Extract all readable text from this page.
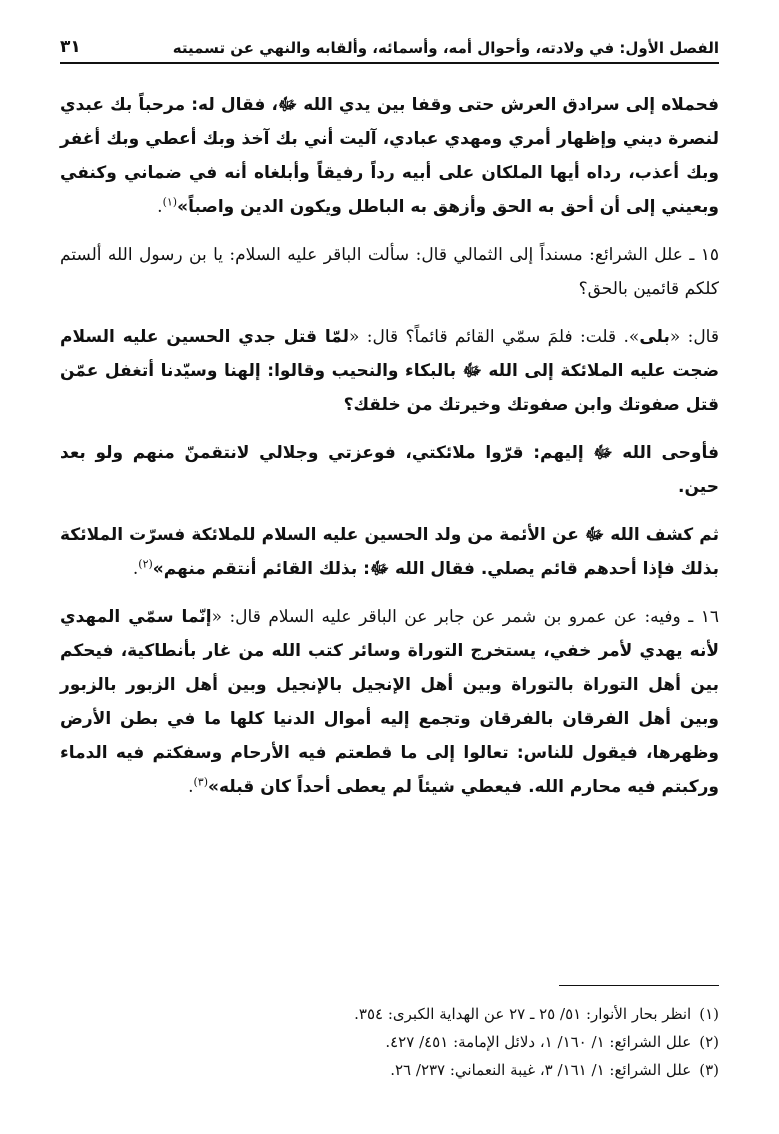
الفصل الأول: في ولادته، وأحوال أمه، وأسمائه، وألقابه والنهي عن تسميته
٣١

فحملاه إلى سرادق العرش حتى وقفا بين يدي الله ﷻ، فقال له: مرحباً بك عبدي لنصرة ديني وإظهار أمري ومهدي عبادي، آليت أني بك آخذ وبك أعطي وبك أغفر وبك أعذب، رداه أيها الملكان على أبيه رداً رفيقاً وأبلغاه أنه في ضماني وكنفي وبعيني إلى أن أحق به الحق وأزهق به الباطل ويكون الدين واصباً»$^{(١)}$.

١٥ ـ علل الشرائع: مسنداً إلى الثمالي قال: سألت الباقر عليه السلام: يا بن رسول الله ألستم كلكم قائمين بالحق؟

قال: «بلى». قلت: فلمَ سمّي القائم قائماً؟ قال: «لمّا قتل جدي الحسين عليه السلام ضجت عليه الملائكة إلى الله ﷻ بالبكاء والنحيب وقالوا: إلهنا وسيّدنا أتغفل عمّن قتل صفوتك وابن صفوتك وخيرتك من خلقك؟

فأوحى الله ﷻ إليهم: قرّوا ملائكتي، فوعزتي وجلالي لانتقمنّ منهم ولو بعد حين.

ثم كشف الله ﷻ عن الأئمة من ولد الحسين عليه السلام للملائكة فسرّت الملائكة بذلك فإذا أحدهم قائم يصلي. فقال الله ﷻ: بذلك القائم أنتقم منهم»$^{(٢)}$.

١٦ ـ وفيه: عن عمرو بن شمر عن جابر عن الباقر عليه السلام قال: «إنّما سمّي المهدي لأنه يهدي لأمر خفي، يستخرج التوراة وسائر كتب الله من غار بأنطاكية، فيحكم بين أهل التوراة بالتوراة وبين أهل الإنجيل بالإنجيل وبين أهل الزبور بالزبور وبين أهل الفرقان بالفرقان وتجمع إليه أموال الدنيا كلها ما في بطن الأرض وظهرها، فيقول للناس: تعالوا إلى ما قطعتم فيه الأرحام وسفكتم فيه الدماء وركبتم فيه محارم الله. فيعطي شيئاً لم يعطى أحداً كان قبله»$^{(٣)}$.

(١)
انظر بحار الأنوار: ٥١/ ٢٥ ـ ٢٧ عن الهداية الكبرى: ٣٥٤.
(٢)
علل الشرائع: ١/ ١٦٠/ ١، دلائل الإمامة: ٤٥١/ ٤٢٧.
(٣)
علل الشرائع: ١/ ١٦١/ ٣، غيبة النعماني: ٢٣٧/ ٢٦.
